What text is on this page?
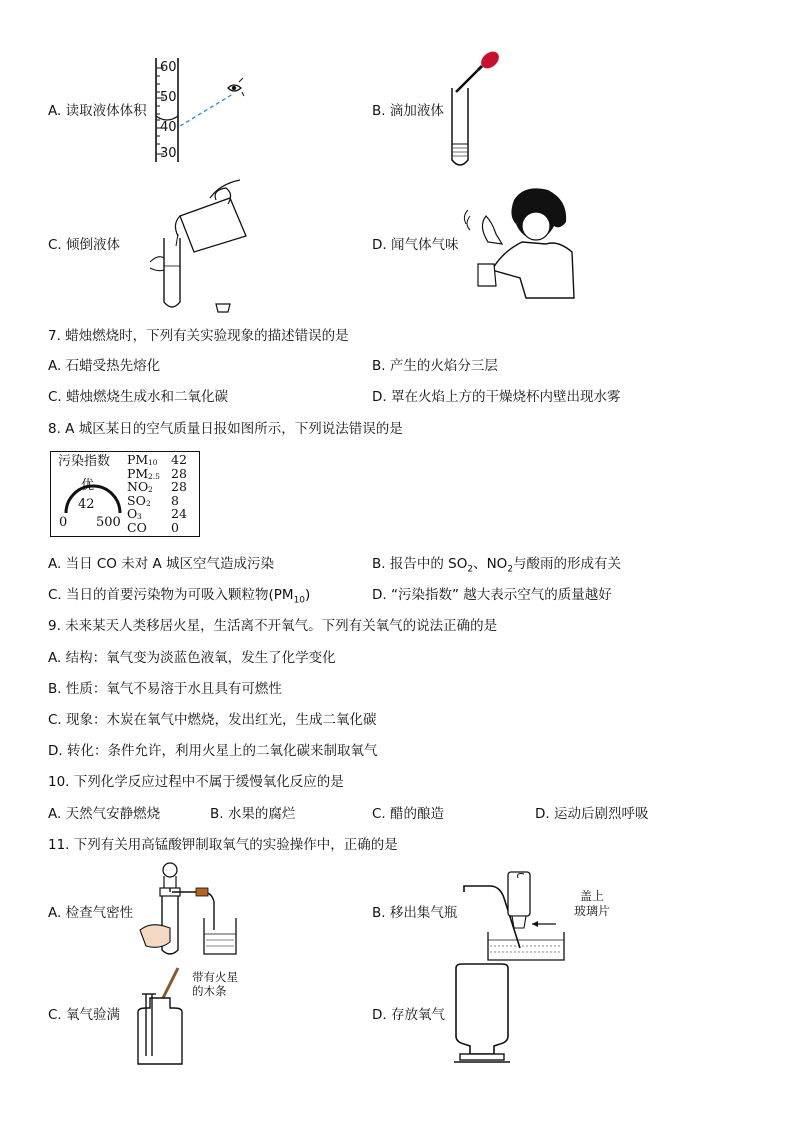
A. 读取液体体积
60
50
40
30
B. 滴加液体
C. 倾倒液体	D. 闻气体气味
7. 蜡烛燃烧时，下列有关实验现象的描述错误的是
A. 石蜡受热先熔化	B. 产生的火焰分三层
C. 蜡烛燃烧生成水和二氧化碳	D. 罩在火焰上方的干燥烧杯内壁出现水雾
8. A 城区某日的空气质量日报如图所示，下列说法错误的是
污染指数
优
42
0 500
PM 10 42
PM 2.5 28
NO 2 28
SO 2 8
O 3 24
CO 0
A. 当日 CO 未对 A 城区空气造成污染	B. 报告中的 $SO_2$、$NO_2$与酸雨的形成有关
C. 当日的首要污染物为可吸入颗粒物$(PM_{10})$	D. “污染指数” 越大表示空气的质量越好
9. 未来某天人类移居火星，生活离不开氧气。下列有关氧气的说法正确的是
A. 结构：氧气变为淡蓝色液氧，发生了化学变化
B. 性质：氧气不易溶于水且具有可燃性
C. 现象：木炭在氧气中燃烧，发出红光，生成二氧化碳
D. 转化：条件允许，利用火星上的二氧化碳来制取氧气
10. 下列化学反应过程中不属于缓慢氧化反应的是
A. 天然气安静燃烧	B. 水果的腐烂	C. 醋的酿造	D. 运动后剧烈呼吸
11. 下列有关用高锰酸钾制取氧气的实验操作中，正确的是
A. 检查气密性	B. 移出集气瓶
盖上
玻璃片
C. 氧气验满
带有火星
的木条
D. 存放氧气
